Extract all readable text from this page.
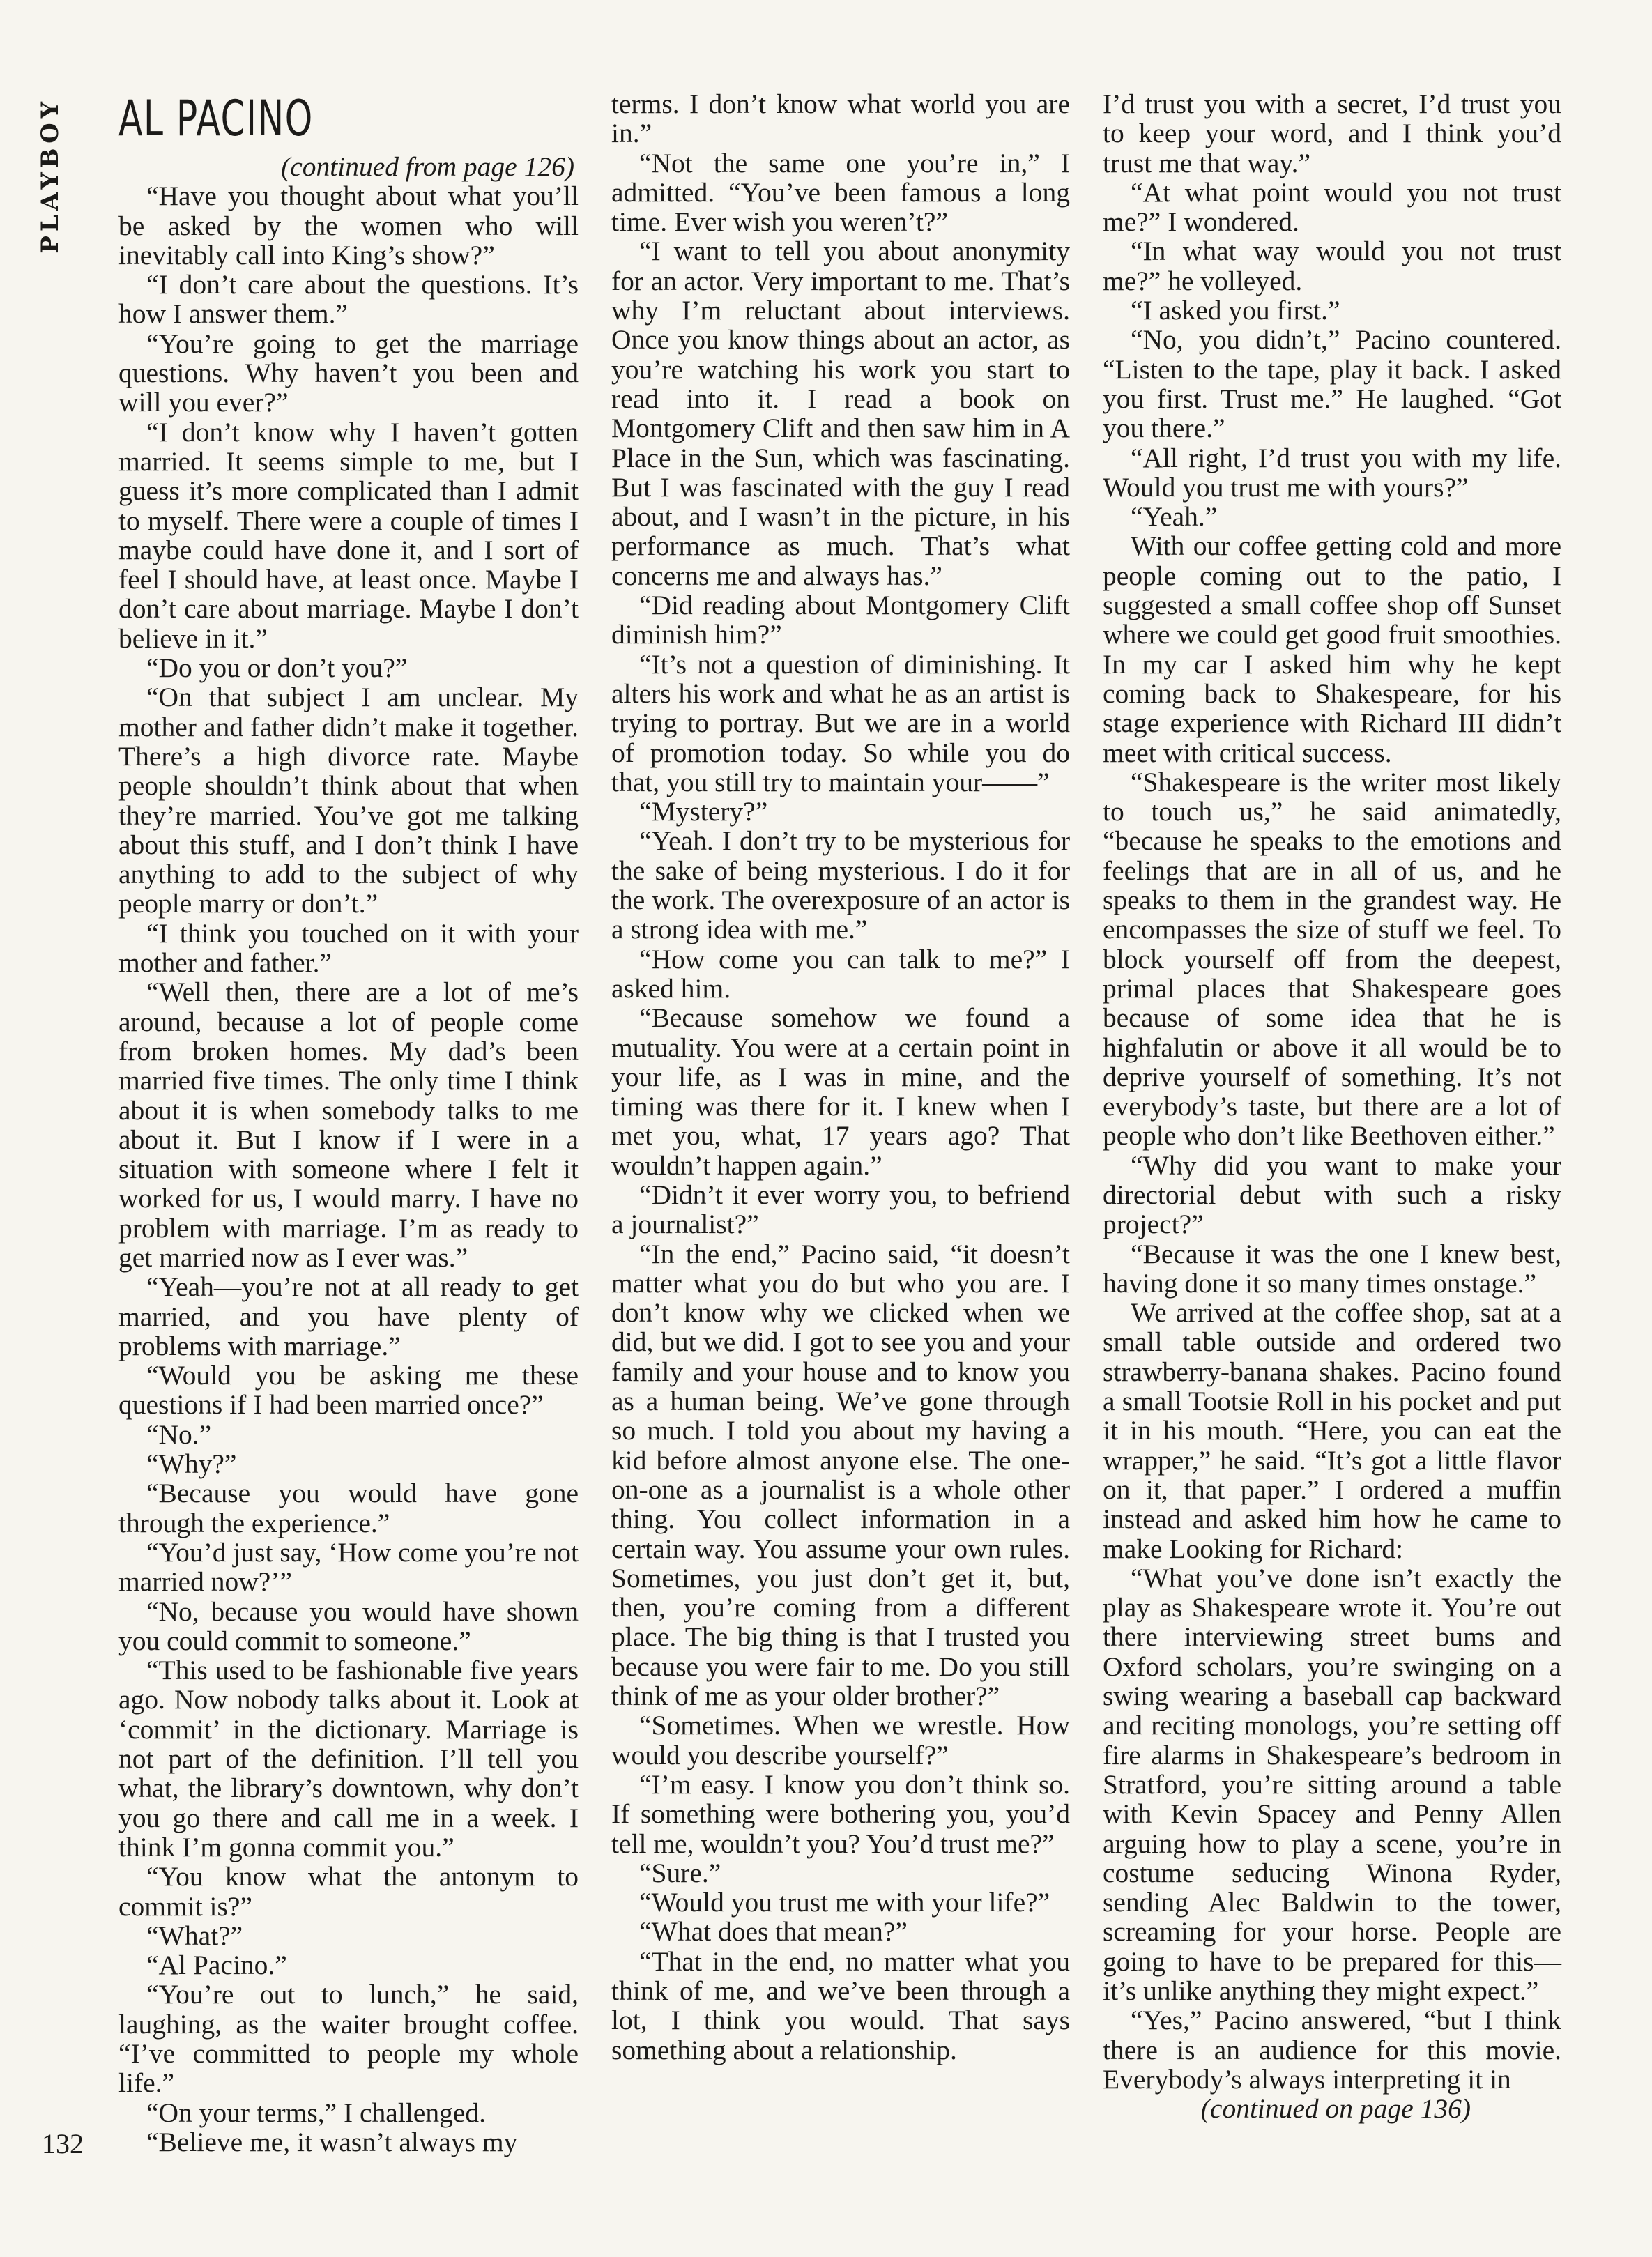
PLAYBOY
132
AL PACINO

(continued from page 126)

“Have you thought about what you’ll be asked by the women who will inevitably call into King’s show?”

“I don’t care about the questions. It’s how I answer them.”

“You’re going to get the marriage questions. Why haven’t you been and will you ever?”

“I don’t know why I haven’t gotten married. It seems simple to me, but I guess it’s more complicated than I admit to myself. There were a couple of times I maybe could have done it, and I sort of feel I should have, at least once. Maybe I don’t care about marriage. Maybe I don’t believe in it.”

“Do you or don’t you?”

“On that subject I am unclear. My mother and father didn’t make it together. There’s a high divorce rate. Maybe people shouldn’t think about that when they’re married. You’ve got me talking about this stuff, and I don’t think I have anything to add to the subject of why people marry or don’t.”

“I think you touched on it with your mother and father.”

“Well then, there are a lot of me’s around, because a lot of people come from broken homes. My dad’s been married five times. The only time I think about it is when somebody talks to me about it. But I know if I were in a situation with someone where I felt it worked for us, I would marry. I have no problem with marriage. I’m as ready to get married now as I ever was.”

“Yeah—you’re not at all ready to get married, and you have plenty of problems with marriage.”

“Would you be asking me these questions if I had been married once?”

“No.”

“Why?”

“Because you would have gone through the experience.”

“You’d just say, ‘How come you’re not married now?’”

“No, because you would have shown you could commit to someone.”

“This used to be fashionable five years ago. Now nobody talks about it. Look at ‘commit’ in the dictionary. Marriage is not part of the definition. I’ll tell you what, the library’s downtown, why don’t you go there and call me in a week. I think I’m gonna commit you.”

“You know what the antonym to commit is?”

“What?”

“Al Pacino.”

“You’re out to lunch,” he said, laughing, as the waiter brought coffee. “I’ve committed to people my whole life.”

“On your terms,” I challenged.

“Believe me, it wasn’t always my

terms. I don’t know what world you are in.”

“Not the same one you’re in,” I admitted. “You’ve been famous a long time. Ever wish you weren’t?”

“I want to tell you about anonymity for an actor. Very important to me. That’s why I’m reluctant about interviews. Once you know things about an actor, as you’re watching his work you start to read into it. I read a book on Montgomery Clift and then saw him in A Place in the Sun, which was fascinating. But I was fascinated with the guy I read about, and I wasn’t in the picture, in his performance as much. That’s what concerns me and always has.”

“Did reading about Montgomery Clift diminish him?”

“It’s not a question of diminishing. It alters his work and what he as an artist is trying to portray. But we are in a world of promotion today. So while you do that, you still try to maintain your——”

“Mystery?”

“Yeah. I don’t try to be mysterious for the sake of being mysterious. I do it for the work. The overexposure of an actor is a strong idea with me.”

“How come you can talk to me?” I asked him.

“Because somehow we found a mutuality. You were at a certain point in your life, as I was in mine, and the timing was there for it. I knew when I met you, what, 17 years ago? That wouldn’t happen again.”

“Didn’t it ever worry you, to befriend a journalist?”

“In the end,” Pacino said, “it doesn’t matter what you do but who you are. I don’t know why we clicked when we did, but we did. I got to see you and your family and your house and to know you as a human being. We’ve gone through so much. I told you about my having a kid before almost anyone else. The one-on-one as a journalist is a whole other thing. You collect information in a certain way. You assume your own rules. Sometimes, you just don’t get it, but, then, you’re coming from a different place. The big thing is that I trusted you because you were fair to me. Do you still think of me as your older brother?”

“Sometimes. When we wrestle. How would you describe yourself?”

“I’m easy. I know you don’t think so. If something were bothering you, you’d tell me, wouldn’t you? You’d trust me?”

“Sure.”

“Would you trust me with your life?”

“What does that mean?”

“That in the end, no matter what you think of me, and we’ve been through a lot, I think you would. That says something about a relationship.

I’d trust you with a secret, I’d trust you to keep your word, and I think you’d trust me that way.”

“At what point would you not trust me?” I wondered.

“In what way would you not trust me?” he volleyed.

“I asked you first.”

“No, you didn’t,” Pacino countered. “Listen to the tape, play it back. I asked you first. Trust me.” He laughed. “Got you there.”

“All right, I’d trust you with my life. Would you trust me with yours?”

“Yeah.”

With our coffee getting cold and more people coming out to the patio, I suggested a small coffee shop off Sunset where we could get good fruit smoothies. In my car I asked him why he kept coming back to Shakespeare, for his stage experience with Richard III didn’t meet with critical success.

“Shakespeare is the writer most likely to touch us,” he said animatedly, “because he speaks to the emotions and feelings that are in all of us, and he speaks to them in the grandest way. He encompasses the size of stuff we feel. To block yourself off from the deepest, primal places that Shakespeare goes because of some idea that he is highfalutin or above it all would be to deprive yourself of something. It’s not everybody’s taste, but there are a lot of people who don’t like Beethoven either.”

“Why did you want to make your directorial debut with such a risky project?”

“Because it was the one I knew best, having done it so many times onstage.”

We arrived at the coffee shop, sat at a small table outside and ordered two strawberry-banana shakes. Pacino found a small Tootsie Roll in his pocket and put it in his mouth. “Here, you can eat the wrapper,” he said. “It’s got a little flavor on it, that paper.” I ordered a muffin instead and asked him how he came to make Looking for Richard:

“What you’ve done isn’t exactly the play as Shakespeare wrote it. You’re out there interviewing street bums and Oxford scholars, you’re swinging on a swing wearing a baseball cap backward and reciting monologs, you’re setting off fire alarms in Shakespeare’s bedroom in Stratford, you’re sitting around a table with Kevin Spacey and Penny Allen arguing how to play a scene, you’re in costume seducing Winona Ryder, sending Alec Baldwin to the tower, screaming for your horse. People are going to have to be prepared for this—it’s unlike anything they might expect.”

“Yes,” Pacino answered, “but I think there is an audience for this movie. Everybody’s always interpreting it in

(continued on page 136)
